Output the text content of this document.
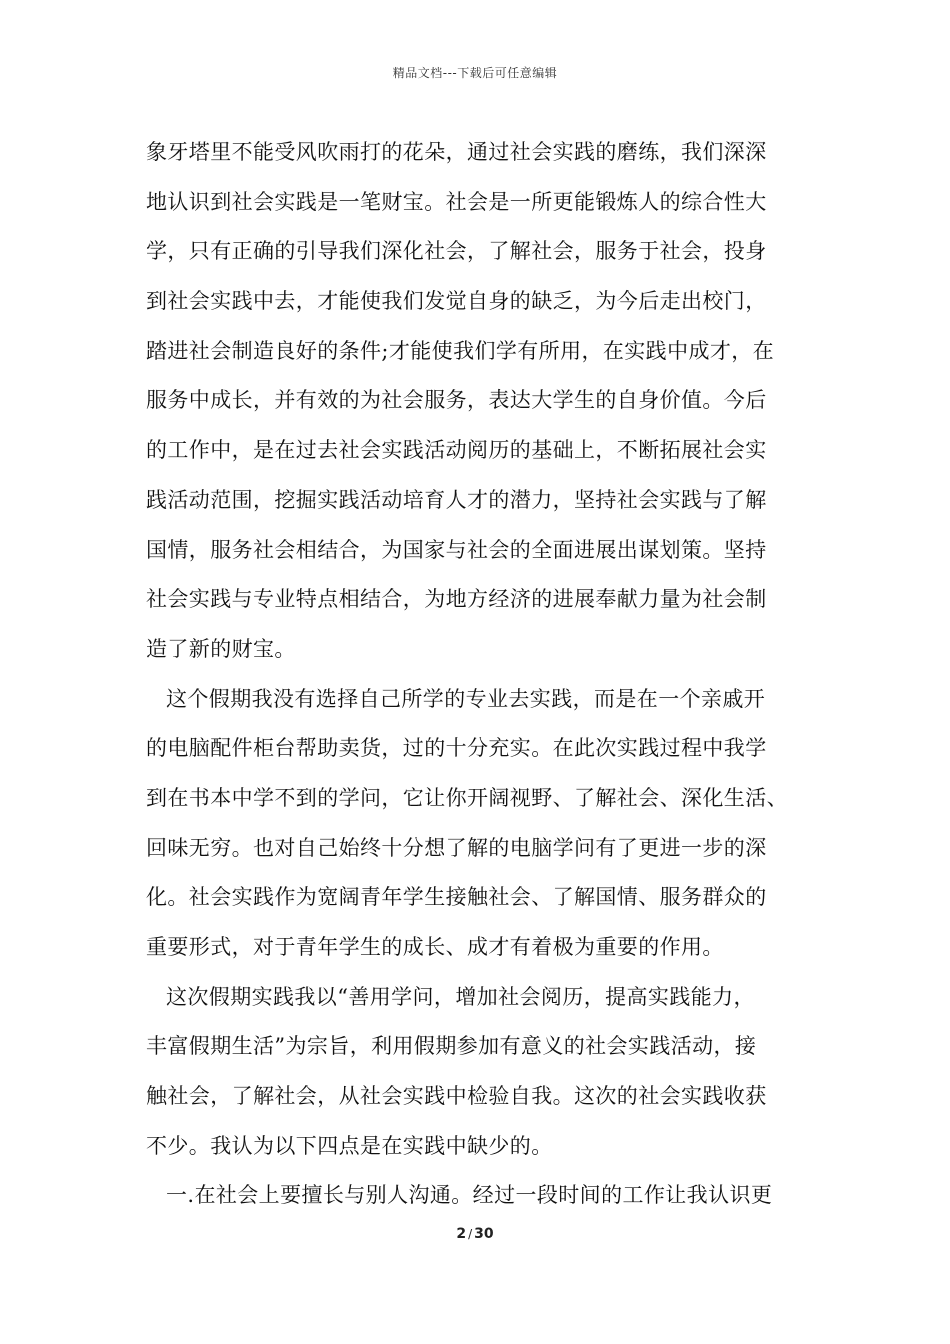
精品文档---下载后可任意编辑
象牙塔里不能受风吹雨打的花朵，通过社会实践的磨练，我们深深
地认识到社会实践是一笔财宝。社会是一所更能锻炼人的综合性大
学，只有正确的引导我们深化社会，了解社会，服务于社会，投身
到社会实践中去，才能使我们发觉自身的缺乏，为今后走出校门，
踏进社会制造良好的条件;才能使我们学有所用，在实践中成才，在
服务中成长，并有效的为社会服务，表达大学生的自身价值。今后
的工作中，是在过去社会实践活动阅历的基础上，不断拓展社会实
践活动范围，挖掘实践活动培育人才的潜力，坚持社会实践与了解
国情，服务社会相结合，为国家与社会的全面进展出谋划策。坚持
社会实践与专业特点相结合，为地方经济的进展奉献力量为社会制
造了新的财宝。
这个假期我没有选择自己所学的专业去实践，而是在一个亲戚开
的电脑配件柜台帮助卖货，过的十分充实。在此次实践过程中我学
到在书本中学不到的学问，它让你开阔视野、了解社会、深化生活、
回味无穷。也对自己始终十分想了解的电脑学问有了更进一步的深
化。社会实践作为宽阔青年学生接触社会、了解国情、服务群众的
重要形式，对于青年学生的成长、成才有着极为重要的作用。
这次假期实践我以“善用学问，增加社会阅历，提高实践能力，
丰富假期生活”为宗旨，利用假期参加有意义的社会实践活动，接
触社会，了解社会，从社会实践中检验自我。这次的社会实践收获
不少。我认为以下四点是在实践中缺少的。
一.在社会上要擅长与别人沟通。经过一段时间的工作让我认识更
2 / 30
